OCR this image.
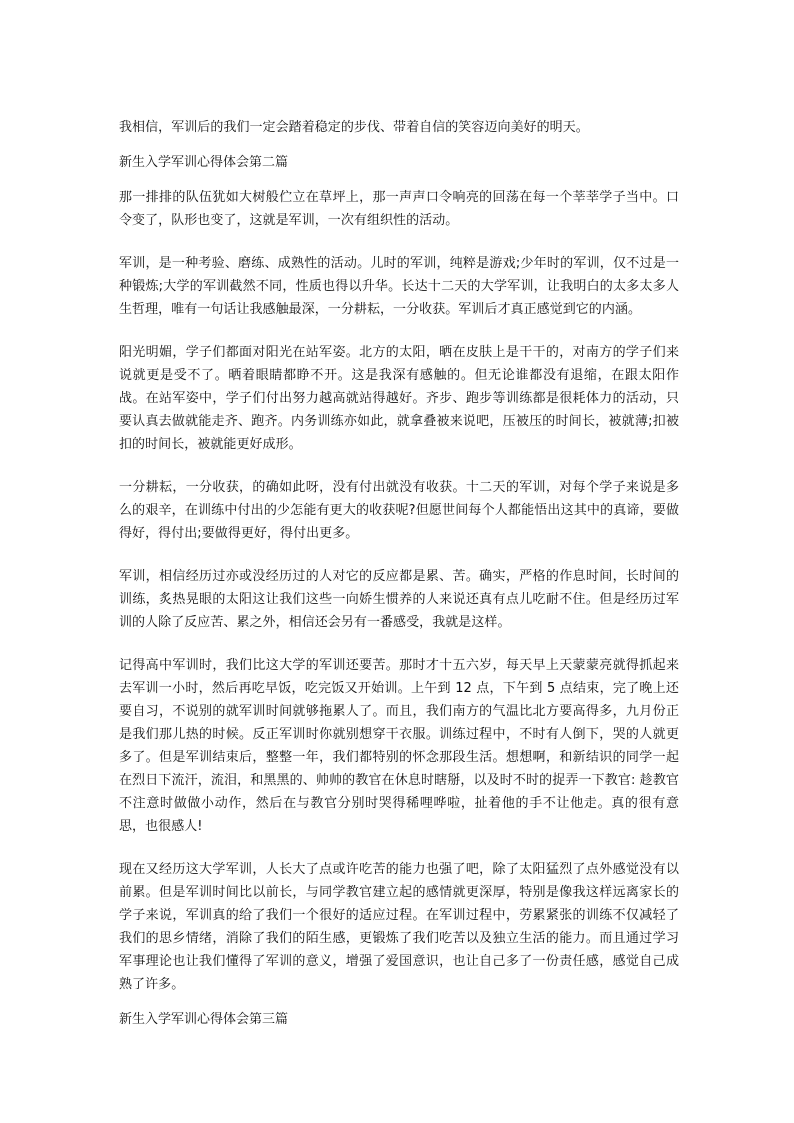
我相信，军训后的我们一定会踏着稳定的步伐、带着自信的笑容迈向美好的明天。

新生入学军训心得体会第二篇

那一排排的队伍犹如大树般伫立在草坪上，那一声声口令响亮的回荡在每一个莘莘学子当中。口令变了，队形也变了，这就是军训，一次有组织性的活动。

军训，是一种考验、磨练、成熟性的活动。儿时的军训，纯粹是游戏;少年时的军训，仅不过是一种锻炼;大学的军训截然不同，性质也得以升华。长达十二天的大学军训，让我明白的太多太多人生哲理，唯有一句话让我感触最深，一分耕耘，一分收获。军训后才真正感觉到它的内涵。

阳光明媚，学子们都面对阳光在站军姿。北方的太阳，晒在皮肤上是干干的，对南方的学子们来说就更是受不了。晒着眼睛都睁不开。这是我深有感触的。但无论谁都没有退缩，在跟太阳作战。在站军姿中，学子们付出努力越高就站得越好。齐步、跑步等训练都是很耗体力的活动，只要认真去做就能走齐、跑齐。内务训练亦如此，就拿叠被来说吧，压被压的时间长，被就薄;扣被扣的时间长，被就能更好成形。

一分耕耘，一分收获，的确如此呀，没有付出就没有收获。十二天的军训，对每个学子来说是多么的艰辛，在训练中付出的少怎能有更大的收获呢?但愿世间每个人都能悟出这其中的真谛，要做得好，得付出;要做得更好，得付出更多。

军训，相信经历过亦或没经历过的人对它的反应都是累、苦。确实，严格的作息时间，长时间的训练，炙热晃眼的太阳这让我们这些一向娇生惯养的人来说还真有点儿吃耐不住。但是经历过军训的人除了反应苦、累之外，相信还会另有一番感受，我就是这样。

记得高中军训时，我们比这大学的军训还要苦。那时才十五六岁，每天早上天蒙蒙亮就得抓起来去军训一小时，然后再吃早饭，吃完饭又开始训。上午到 12 点，下午到 5 点结束，完了晚上还要自习，不说别的就军训时间就够拖累人了。而且，我们南方的气温比北方要高得多，九月份正是我们那儿热的时候。反正军训时你就别想穿干衣服。训练过程中，不时有人倒下，哭的人就更多了。但是军训结束后，整整一年，我们都特别的怀念那段生活。想想啊，和新结识的同学一起在烈日下流汗，流泪，和黑黑的、帅帅的教官在休息时瞎掰，以及时不时的捉弄一下教官: 趁教官不注意时做做小动作，然后在与教官分别时哭得稀哩哗啦，扯着他的手不让他走。真的很有意思，也很感人!

现在又经历这大学军训，人长大了点或许吃苦的能力也强了吧，除了太阳猛烈了点外感觉没有以前累。但是军训时间比以前长，与同学教官建立起的感情就更深厚，特别是像我这样远离家长的学子来说，军训真的给了我们一个很好的适应过程。在军训过程中，劳累紧张的训练不仅减轻了我们的思乡情绪，消除了我们的陌生感，更锻炼了我们吃苦以及独立生活的能力。而且通过学习军事理论也让我们懂得了军训的意义，增强了爱国意识，也让自己多了一份责任感，感觉自己成熟了许多。

新生入学军训心得体会第三篇
